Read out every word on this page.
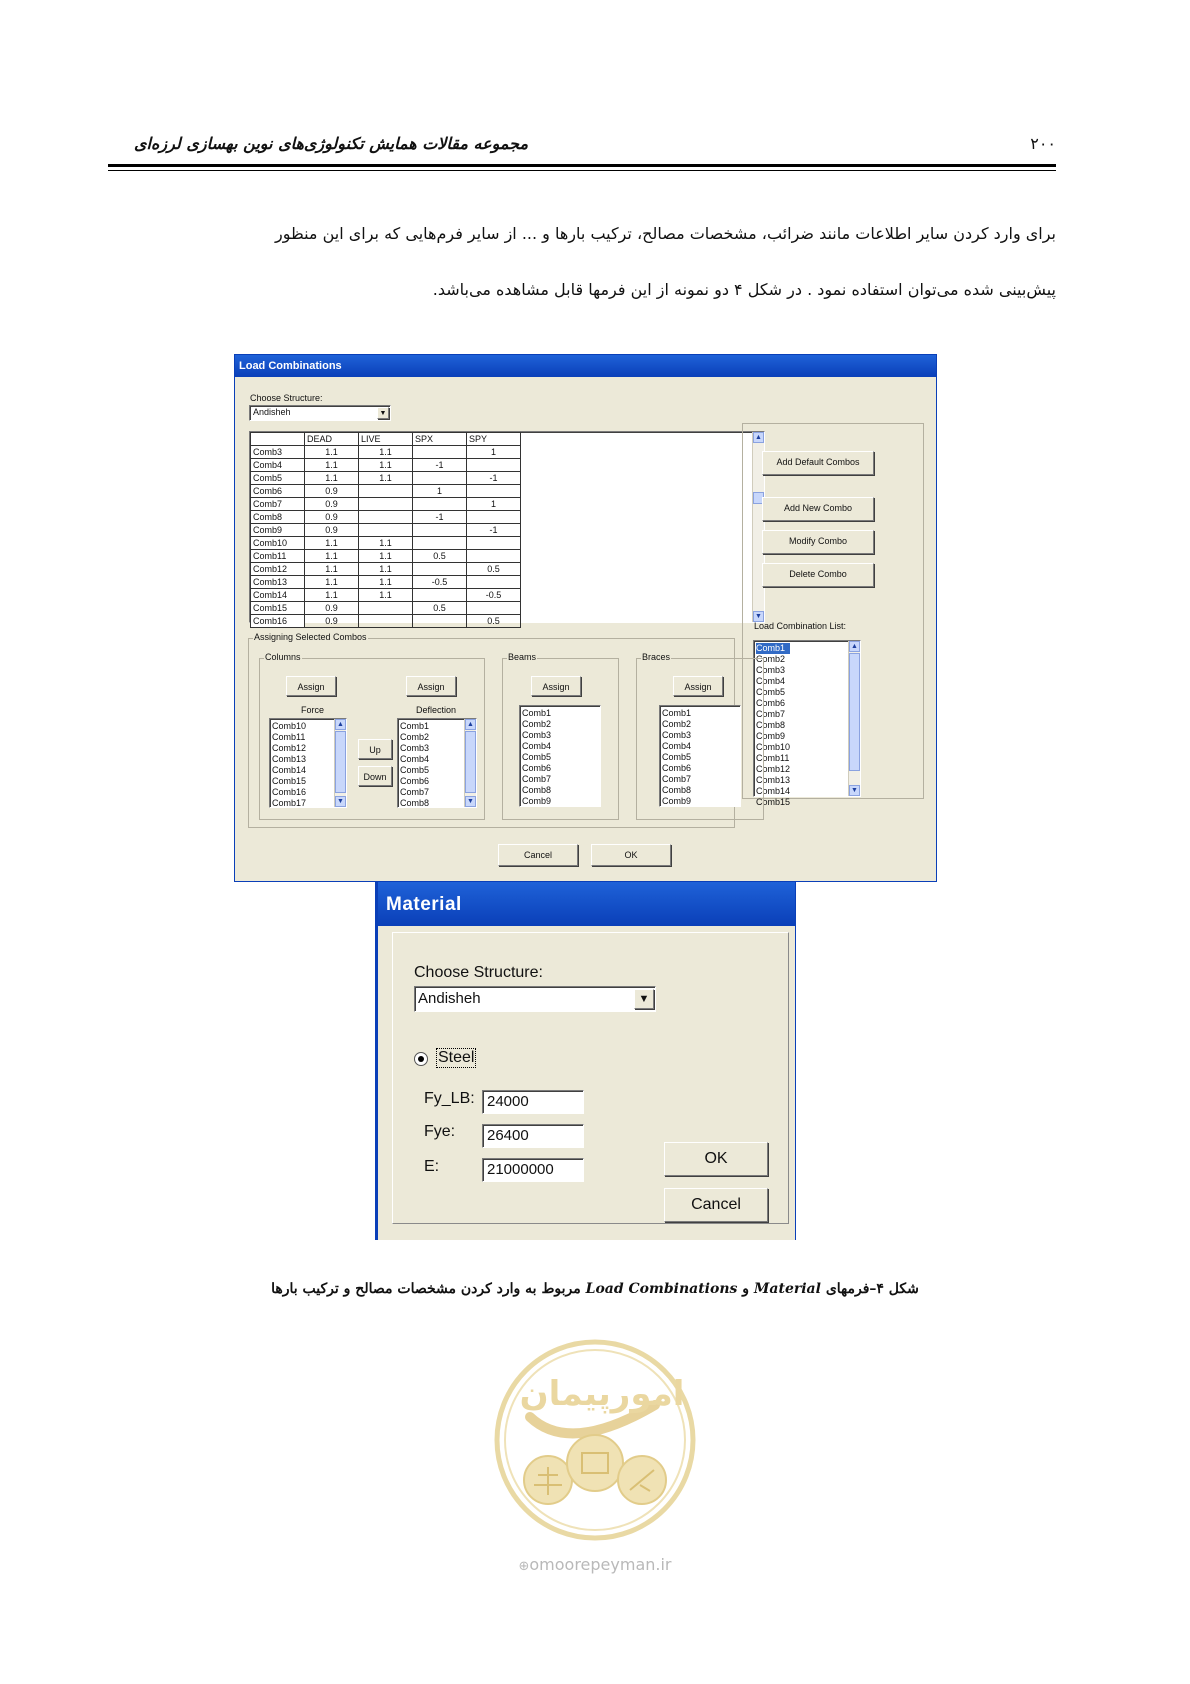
مجموعه مقالات همایش تکنولوژی‌های نوین بهسازی لرزه‌ای	۲۰۰
برای وارد کردن سایر اطلاعات مانند ضرائب، مشخصات مصالح، ترکیب بارها و ... از سایر فرم‌هایی که برای این منظور
پیش‌بینی شده می‌توان استفاده نمود . در شکل ۴ دو نمونه از این فرمها قابل مشاهده می‌باشد.
Load Combinations
Choose Structure:
Andisheh	▼
	DEAD	LIVE	SPX	SPY
Comb3	1.1	1.1		1
Comb4	1.1	1.1	-1	
Comb5	1.1	1.1		-1
Comb6	0.9		1	
Comb7	0.9			1
Comb8	0.9		-1	
Comb9	0.9			-1
Comb10	1.1	1.1		
Comb11	1.1	1.1	0.5	
Comb12	1.1	1.1		0.5
Comb13	1.1	1.1	-0.5	
Comb14	1.1	1.1		-0.5
Comb15	0.9		0.5	
Comb16	0.9			0.5
▲
▼
Add Default Combos
Add New Combo
Modify Combo
Delete Combo
Load Combination List:
Comb1
Comb2
Comb3
Comb4
Comb5
Comb6
Comb7
Comb8
Comb9
Comb10
Comb11
Comb12
Comb13
Comb14
Comb15
▲
▼
Assigning Selected Combos
Columns
Assign	Assign
Force	Deflection
Comb10
Comb11
Comb12
Comb13
Comb14
Comb15
Comb16
Comb17
▲
▼
Up
Down
Comb1
Comb2
Comb3
Comb4
Comb5
Comb6
Comb7
Comb8
▲
▼
Beams
Assign
Comb1
Comb2
Comb3
Comb4
Comb5
Comb6
Comb7
Comb8
Comb9
Braces
Assign
Comb1
Comb2
Comb3
Comb4
Comb5
Comb6
Comb7
Comb8
Comb9
Cancel	OK
Material
Choose Structure:
Andisheh	▼
Steel
Fy_LB: 24000
Fye:	26400
E:	21000000
OK
Cancel
شکل ۴–فرمهای Material و Load Combinations مربوط به وارد کردن مشخصات مصالح و ترکیب بارها
امورپیمان
⊕omoorepeyman.ir
